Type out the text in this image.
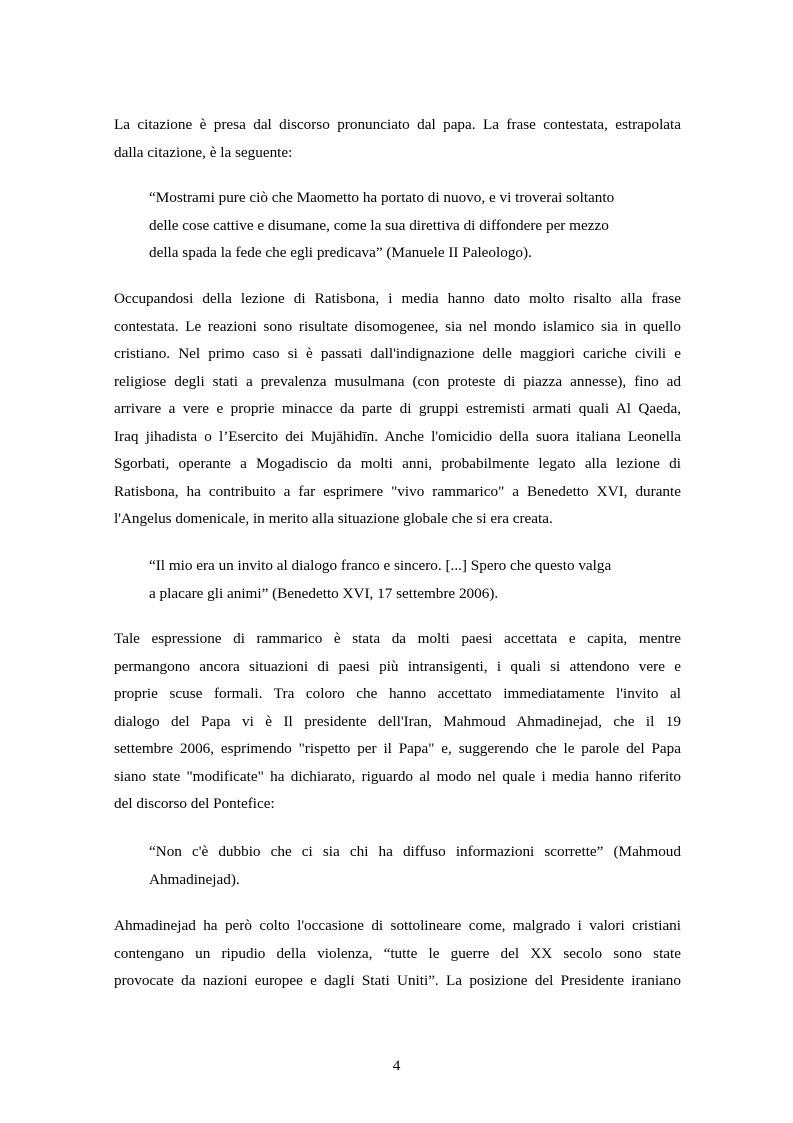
La citazione è presa dal discorso pronunciato dal papa. La frase contestata, estrapolata
dalla citazione, è la seguente:

“Mostrami pure ciò che Maometto ha portato di nuovo, e vi troverai soltanto
delle cose cattive e disumane, come la sua direttiva di diffondere per mezzo
della spada la fede che egli predicava” (Manuele II Paleologo).

Occupandosi della lezione di Ratisbona, i media hanno dato molto risalto alla frase
contestata. Le reazioni sono risultate disomogenee, sia nel mondo islamico sia in quello
cristiano. Nel primo caso si è passati dall'indignazione delle maggiori cariche civili e
religiose degli stati a prevalenza musulmana (con proteste di piazza annesse), fino ad
arrivare a vere e proprie minacce da parte di gruppi estremisti armati quali Al Qaeda,
Iraq jihadista o l’Esercito dei Mujāhidīn. Anche l'omicidio della suora italiana Leonella
Sgorbati, operante a Mogadiscio da molti anni, probabilmente legato alla lezione di
Ratisbona, ha contribuito a far esprimere "vivo rammarico" a Benedetto XVI, durante
l'Angelus domenicale, in merito alla situazione globale che si era creata.

“Il mio era un invito al dialogo franco e sincero. [...] Spero che questo valga
a placare gli animi” (Benedetto XVI, 17 settembre 2006).

Tale espressione di rammarico è stata da molti paesi accettata e capita, mentre
permangono ancora situazioni di paesi più intransigenti, i quali si attendono vere e
proprie scuse formali. Tra coloro che hanno accettato immediatamente l'invito al
dialogo del Papa vi è Il presidente dell'Iran, Mahmoud Ahmadinejad, che il 19
settembre 2006, esprimendo "rispetto per il Papa" e, suggerendo che le parole del Papa
siano state "modificate" ha dichiarato, riguardo al modo nel quale i media hanno riferito
del discorso del Pontefice:

“Non c'è dubbio che ci sia chi ha diffuso informazioni scorrette” (Mahmoud
Ahmadinejad).

Ahmadinejad ha però colto l'occasione di sottolineare come, malgrado i valori cristiani
contengano un ripudio della violenza, “tutte le guerre del XX secolo sono state
provocate da nazioni europee e dagli Stati Uniti”. La posizione del Presidente iraniano

4
